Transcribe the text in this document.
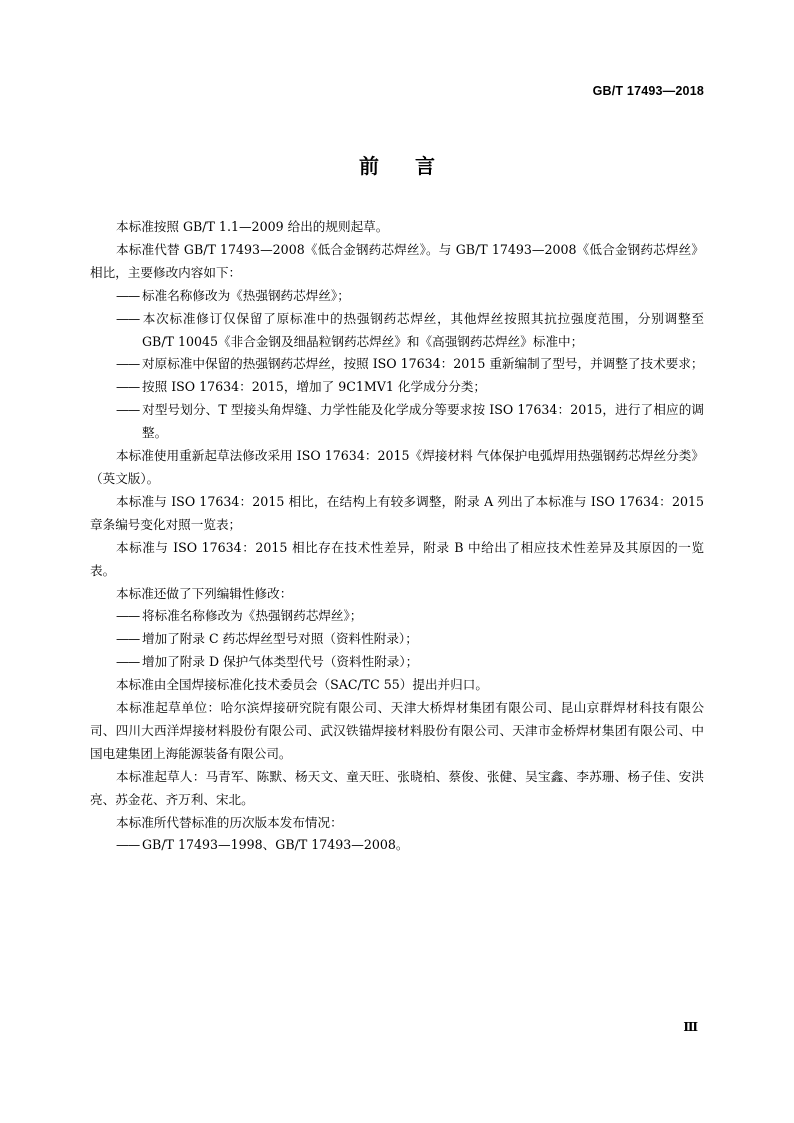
GB/T 17493—2018
前言

本标准按照 GB/T 1.1—2009 给出的规则起草。

本标准代替 GB/T 17493—2008《低合金钢药芯焊丝》。与 GB/T 17493—2008《低合金钢药芯焊丝》相比，主要修改内容如下：

—— 标准名称修改为《热强钢药芯焊丝》；

—— 本次标准修订仅保留了原标准中的热强钢药芯焊丝，其他焊丝按照其抗拉强度范围，分别调整至 GB/T 10045《非合金钢及细晶粒钢药芯焊丝》和《高强钢药芯焊丝》标准中；

—— 对原标准中保留的热强钢药芯焊丝，按照 ISO 17634：2015 重新编制了型号，并调整了技术要求；

—— 按照 ISO 17634：2015，增加了 9C1MV1 化学成分分类；

—— 对型号划分、T 型接头角焊缝、力学性能及化学成分等要求按 ISO 17634：2015，进行了相应的调整。

本标准使用重新起草法修改采用 ISO 17634：2015《焊接材料 气体保护电弧焊用热强钢药芯焊丝分类》（英文版）。

本标准与 ISO 17634：2015 相比，在结构上有较多调整，附录 A 列出了本标准与 ISO 17634：2015 章条编号变化对照一览表；

本标准与 ISO 17634：2015 相比存在技术性差异，附录 B 中给出了相应技术性差异及其原因的一览表。

本标准还做了下列编辑性修改：

—— 将标准名称修改为《热强钢药芯焊丝》；

—— 增加了附录 C 药芯焊丝型号对照（资料性附录）；

—— 增加了附录 D 保护气体类型代号（资料性附录）；

本标准由全国焊接标准化技术委员会（SAC/TC 55）提出并归口。

本标准起草单位：哈尔滨焊接研究院有限公司、天津大桥焊材集团有限公司、昆山京群焊材科技有限公司、四川大西洋焊接材料股份有限公司、武汉铁锚焊接材料股份有限公司、天津市金桥焊材集团有限公司、中国电建集团上海能源装备有限公司。

本标准起草人：马青军、陈默、杨天文、童天旺、张晓柏、蔡俊、张健、吴宝鑫、李苏珊、杨子佳、安洪亮、苏金花、齐万利、宋北。

本标准所代替标准的历次版本发布情况：

—— GB/T 17493—1998、GB/T 17493—2008。

Ⅲ
